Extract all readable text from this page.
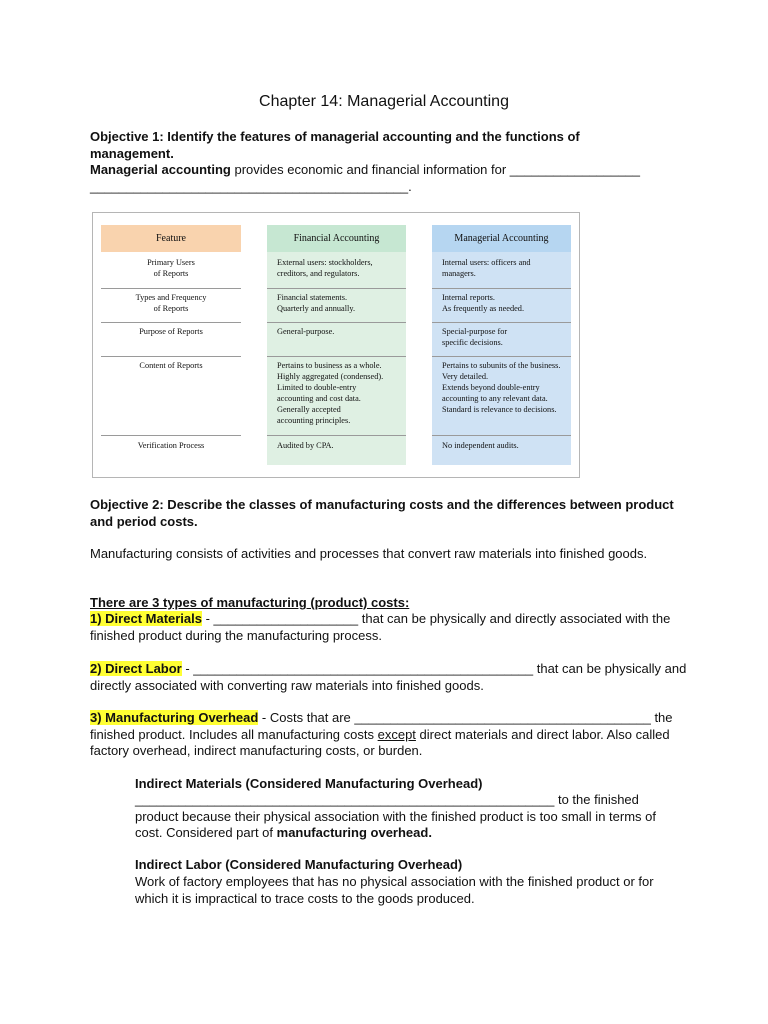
Chapter 14: Managerial Accounting
Objective 1: Identify the features of managerial accounting and the functions of management.
Managerial accounting provides economic and financial information for __________________
____________________________________________.
Feature
Primary Users
of Reports
Types and Frequency
of Reports
Purpose of Reports
Content of Reports
Verification Process
Financial Accounting
External users: stockholders,
creditors, and regulators.
Financial statements.
Quarterly and annually.
General-purpose.
Pertains to business as a whole.
Highly aggregated (condensed).
Limited to double-entry
accounting and cost data.
Generally accepted
accounting principles.
Audited by CPA.
Managerial Accounting
Internal users: officers and
managers.
Internal reports.
As frequently as needed.
Special-purpose for
specific decisions.
Pertains to subunits of the business.
Very detailed.
Extends beyond double-entry
accounting to any relevant data.
Standard is relevance to decisions.
No independent audits.
Objective 2: Describe the classes of manufacturing costs and the differences between product and period costs.
Manufacturing consists of activities and processes that convert raw materials into finished goods.
There are 3 types of manufacturing (product) costs:
1) Direct Materials - ____________________ that can be physically and directly associated with the finished product during the manufacturing process.
2) Direct Labor - _______________________________________________ that can be physically and directly associated with converting raw materials into finished goods.
3) Manufacturing Overhead - Costs that are _________________________________________ the finished product. Includes all manufacturing costs except direct materials and direct labor. Also called factory overhead, indirect manufacturing costs, or burden.
Indirect Materials (Considered Manufacturing Overhead)
__________________________________________________________ to the finished product because their physical association with the finished product is too small in terms of cost. Considered part of manufacturing overhead.
Indirect Labor (Considered Manufacturing Overhead)
Work of factory employees that has no physical association with the finished product or for which it is impractical to trace costs to the goods produced.
